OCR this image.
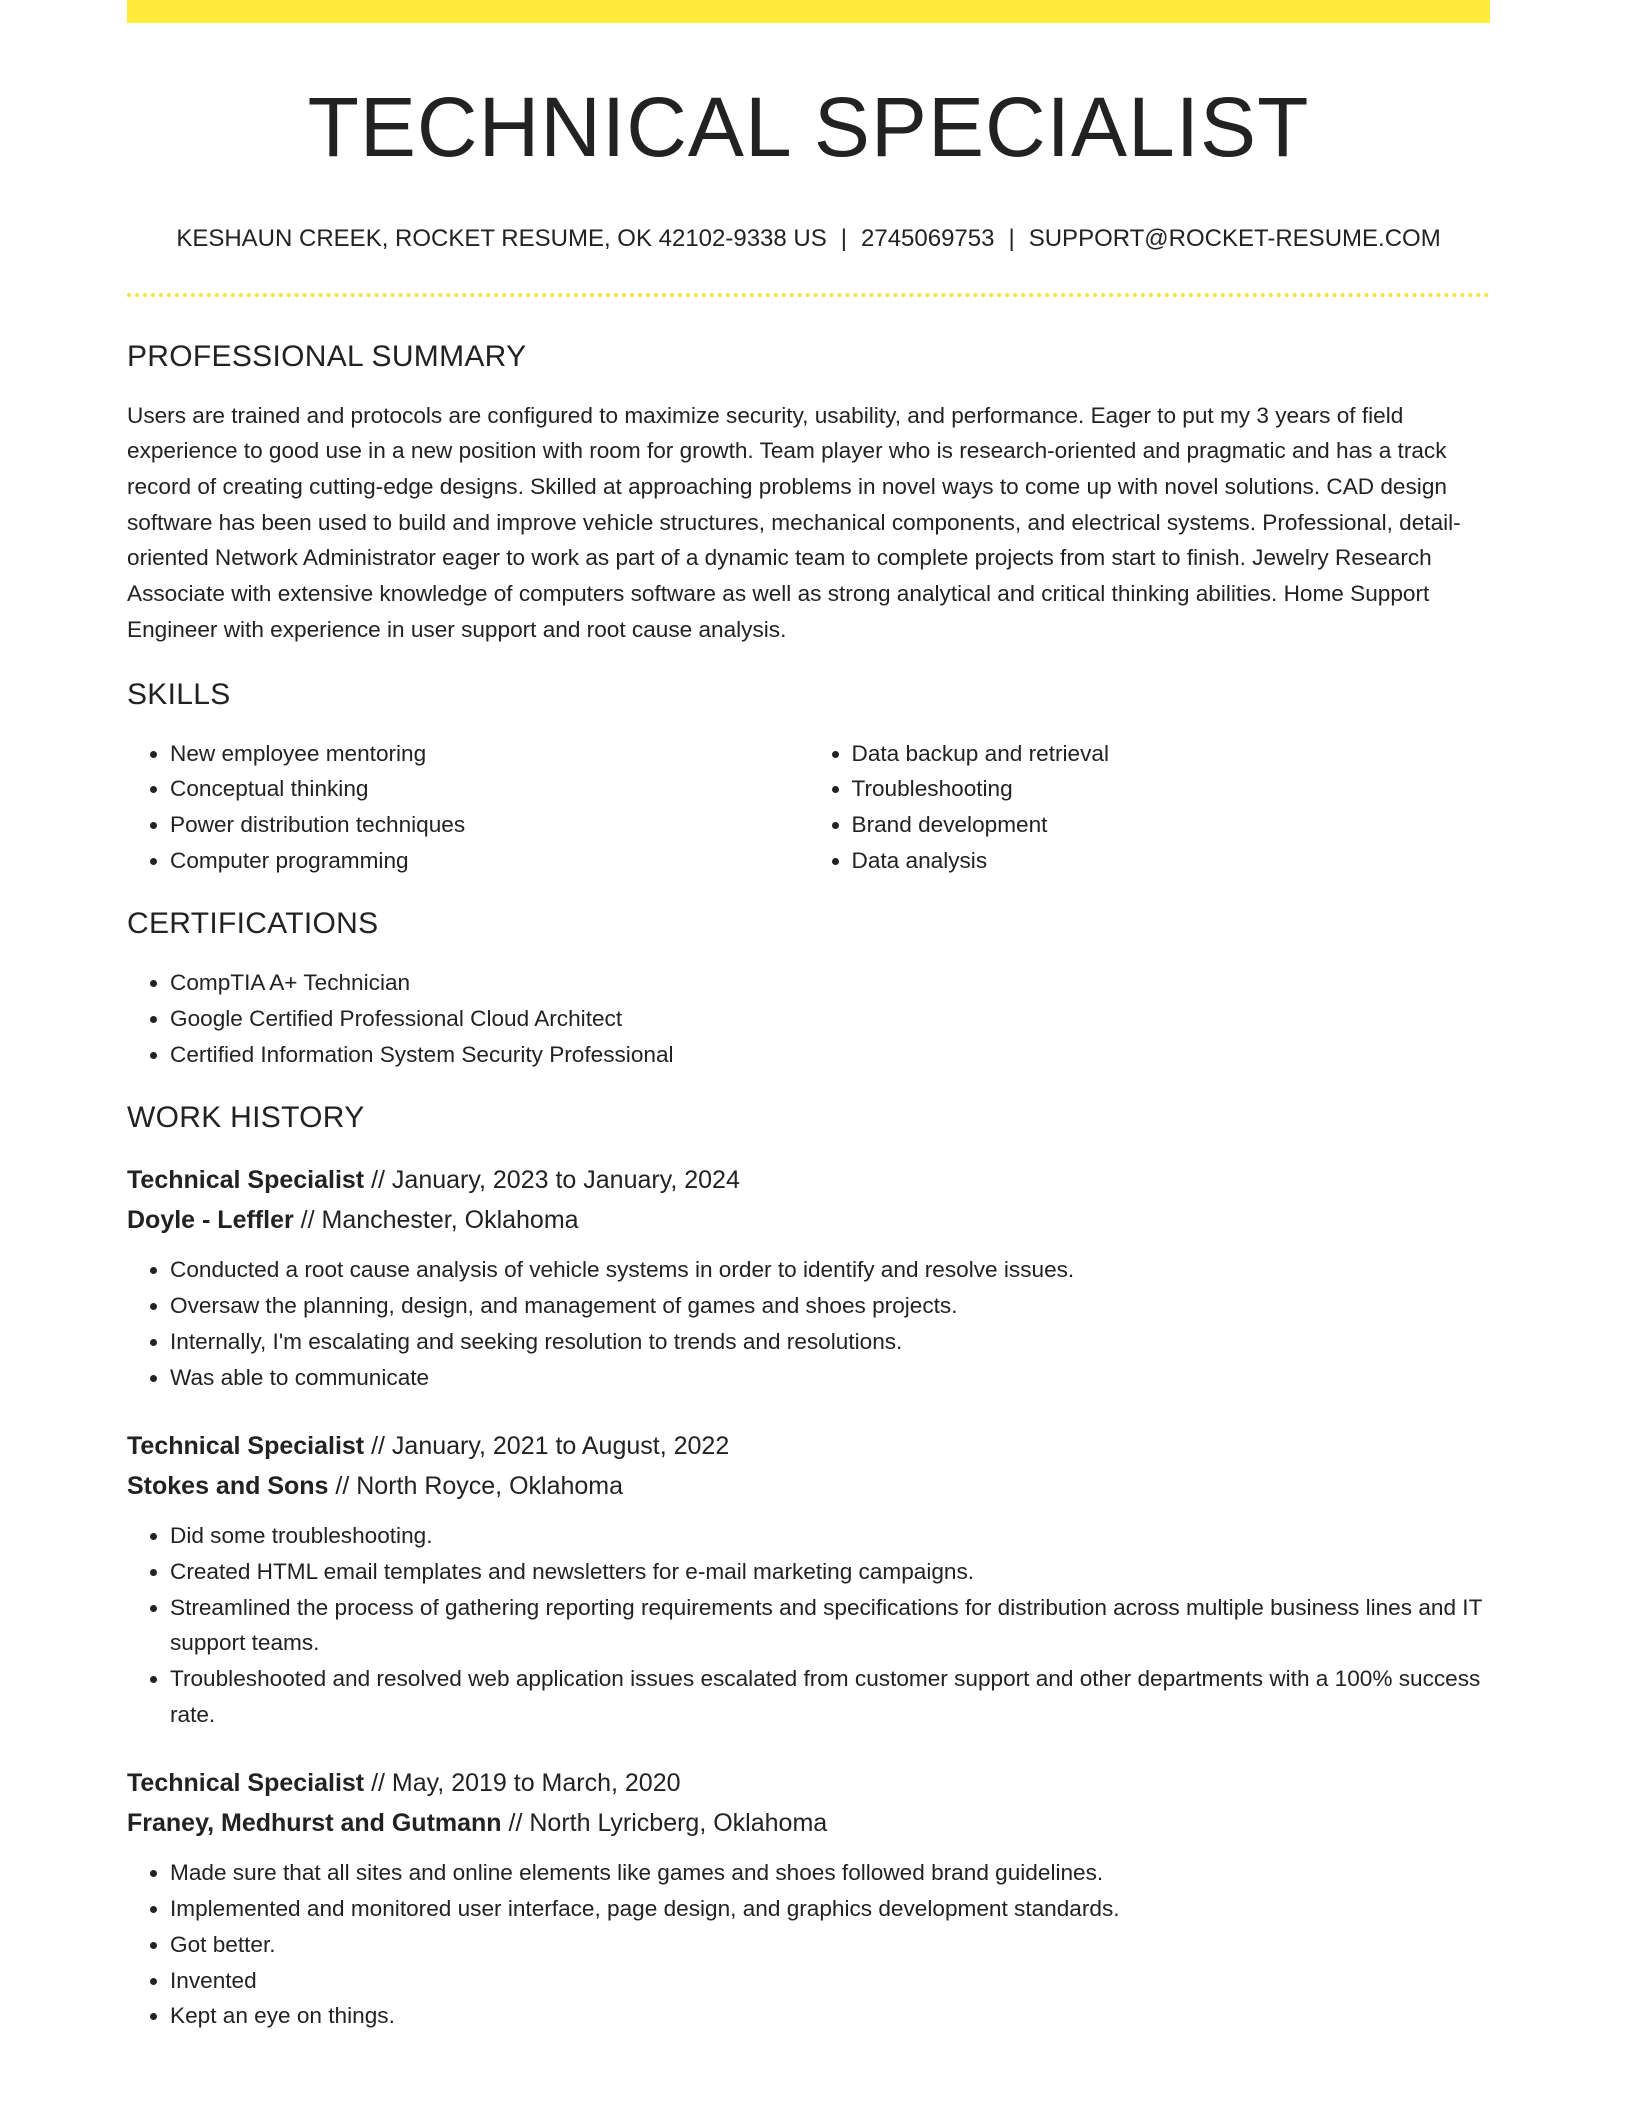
TECHNICAL SPECIALIST
KESHAUN CREEK, ROCKET RESUME, OK 42102-9338 US | 2745069753 | SUPPORT@ROCKET-RESUME.COM
PROFESSIONAL SUMMARY

Users are trained and protocols are configured to maximize security, usability, and performance. Eager to put my 3 years of field experience to good use in a new position with room for growth. Team player who is research-oriented and pragmatic and has a track record of creating cutting-edge designs. Skilled at approaching problems in novel ways to come up with novel solutions. CAD design software has been used to build and improve vehicle structures, mechanical components, and electrical systems. Professional, detail-oriented Network Administrator eager to work as part of a dynamic team to complete projects from start to finish. Jewelry Research Associate with extensive knowledge of computers software as well as strong analytical and critical thinking abilities. Home Support Engineer with experience in user support and root cause analysis.

SKILLS
• New employee mentoring
• Conceptual thinking
• Power distribution techniques
• Computer programming
• Data backup and retrieval
• Troubleshooting
• Brand development
• Data analysis
CERTIFICATIONS
• CompTIA A+ Technician
• Google Certified Professional Cloud Architect
• Certified Information System Security Professional
WORK HISTORY
Technical Specialist // January, 2023 to January, 2024
Doyle - Leffler // Manchester, Oklahoma
• Conducted a root cause analysis of vehicle systems in order to identify and resolve issues.
• Oversaw the planning, design, and management of games and shoes projects.
• Internally, I'm escalating and seeking resolution to trends and resolutions.
• Was able to communicate
Technical Specialist // January, 2021 to August, 2022
Stokes and Sons // North Royce, Oklahoma
• Did some troubleshooting.
• Created HTML email templates and newsletters for e-mail marketing campaigns.
• Streamlined the process of gathering reporting requirements and specifications for distribution across multiple business lines and IT support teams.
• Troubleshooted and resolved web application issues escalated from customer support and other departments with a 100% success rate.
Technical Specialist // May, 2019 to March, 2020
Franey, Medhurst and Gutmann // North Lyricberg, Oklahoma
• Made sure that all sites and online elements like games and shoes followed brand guidelines.
• Implemented and monitored user interface, page design, and graphics development standards.
• Got better.
• Invented
• Kept an eye on things.
